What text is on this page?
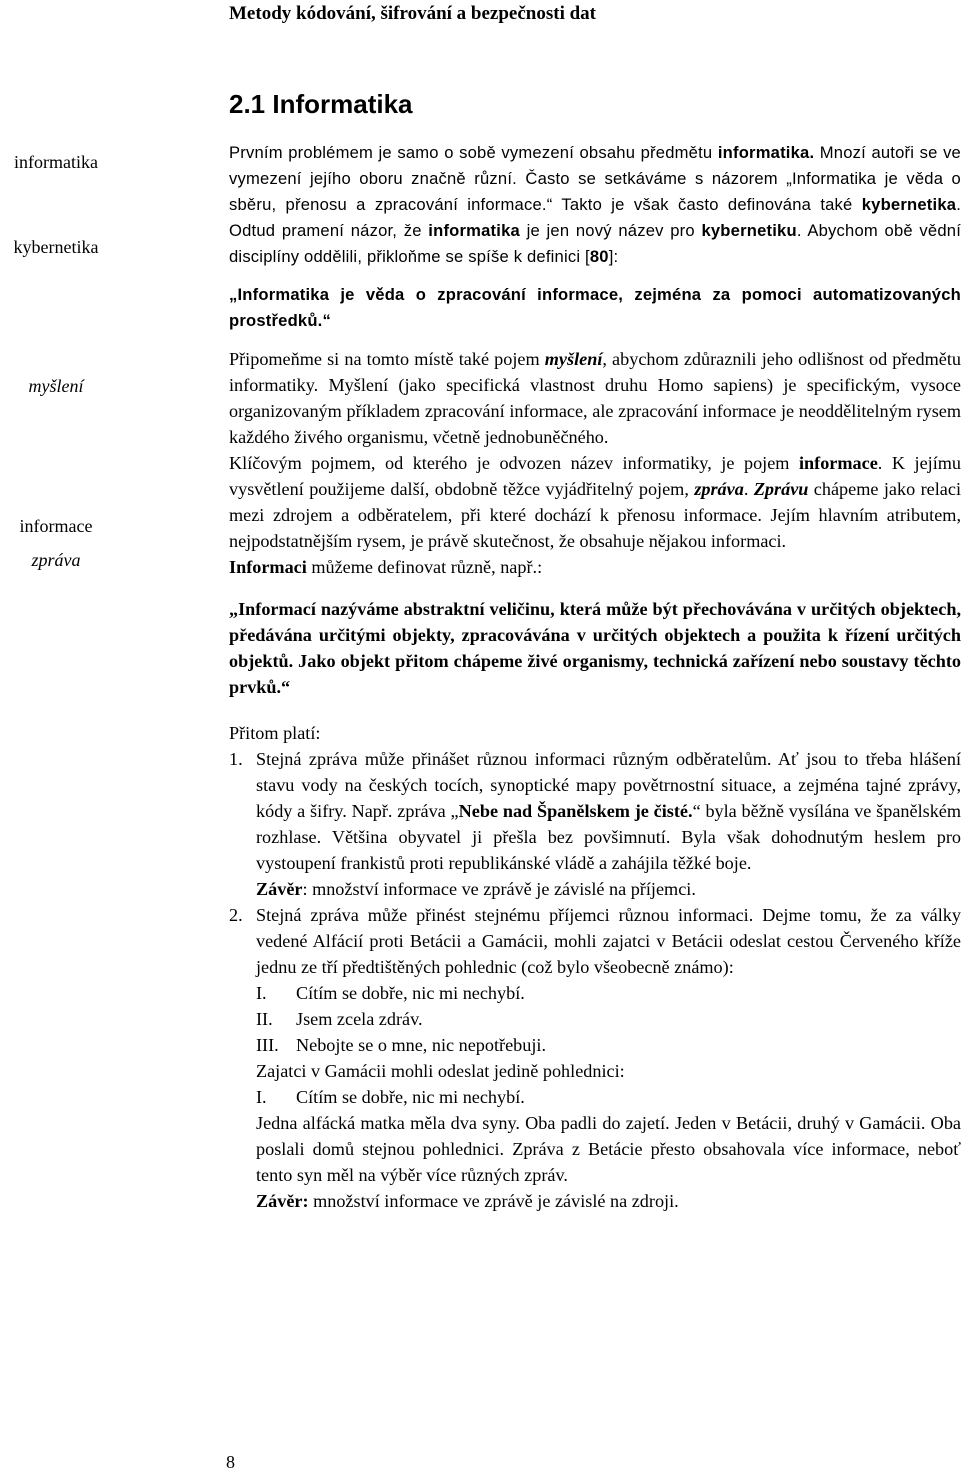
Metody kódování, šifrování a bezpečnosti dat
2.1 Informatika
informatika
kybernetika
myšlení
informace
zpráva

Prvním problémem je samo o sobě vymezení obsahu předmětu informatika. Mnozí autoři se ve vymezení jejího oboru značně různí. Často se setkáváme s názorem „Informatika je věda o sběru, přenosu a zpracování informace.“ Takto je však často definována také kybernetika. Odtud pramení názor, že informatika je jen nový název pro kybernetiku. Abychom obě vědní disciplíny oddělili, přikloňme se spíše k definici [80]:

„Informatika je věda o zpracování informace, zejména za pomoci automatizovaných prostředků.“

Připomeňme si na tomto místě také pojem myšlení, abychom zdůraznili jeho odlišnost od předmětu informatiky. Myšlení (jako specifická vlastnost druhu Homo sapiens) je specifickým, vysoce organizovaným příkladem zpracování informace, ale zpracování informace je neoddělitelným rysem každého živého organismu, včetně jednobuněčného.

Klíčovým pojmem, od kterého je odvozen název informatiky, je pojem informace. K jejímu vysvětlení použijeme další, obdobně těžce vyjádřitelný pojem, zpráva. Zprávu chápeme jako relaci mezi zdrojem a odběratelem, při které dochází k přenosu informace. Jejím hlavním atributem, nejpodstatnějším rysem, je právě skutečnost, že obsahuje nějakou informaci.

Informaci můžeme definovat různě, např.:

„Informací nazýváme abstraktní veličinu, která může být přechovávána v určitých objektech, předávána určitými objekty, zpracovávána v určitých objektech a použita k řízení určitých objektů. Jako objekt přitom chápeme živé organismy, technická zařízení nebo soustavy těchto prvků.“

Přitom platí:

1. Stejná zpráva může přinášet různou informaci různým odběratelům. Ať jsou to třeba hlášení stavu vody na českých tocích, synoptické mapy povětrnostní situace, a zejména tajné zprávy, kódy a šifry. Např. zpráva „Nebe nad Španělskem je čisté.“ byla běžně vysílána ve španělském rozhlase. Většina obyvatel ji přešla bez povšimnutí. Byla však dohodnutým heslem pro vystoupení frankistů proti republikánské vládě a zahájila těžké boje.

Závěr: množství informace ve zprávě je závislé na příjemci.

2. Stejná zpráva může přinést stejnému příjemci různou informaci. Dejme tomu, že za války vedené Alfácií proti Betácii a Gamácii, mohli zajatci v Betácii odeslat cestou Červeného kříže jednu ze tří předtištěných pohlednic (což bylo všeobecně známo):

I.	Cítím se dobře, nic mi nechybí.
II.	Jsem zcela zdráv.
III. Nebojte se o mne, nic nepotřebuji.

Zajatci v Gamácii mohli odeslat jedině pohlednici:

I.	Cítím se dobře, nic mi nechybí.

Jedna alfácká matka měla dva syny. Oba padli do zajetí. Jeden v Betácii, druhý v Gamácii. Oba poslali domů stejnou pohlednici. Zpráva z Betácie přesto obsahovala více informace, neboť tento syn měl na výběr více různých zpráv.

Závěr: množství informace ve zprávě je závislé na zdroji.

8
